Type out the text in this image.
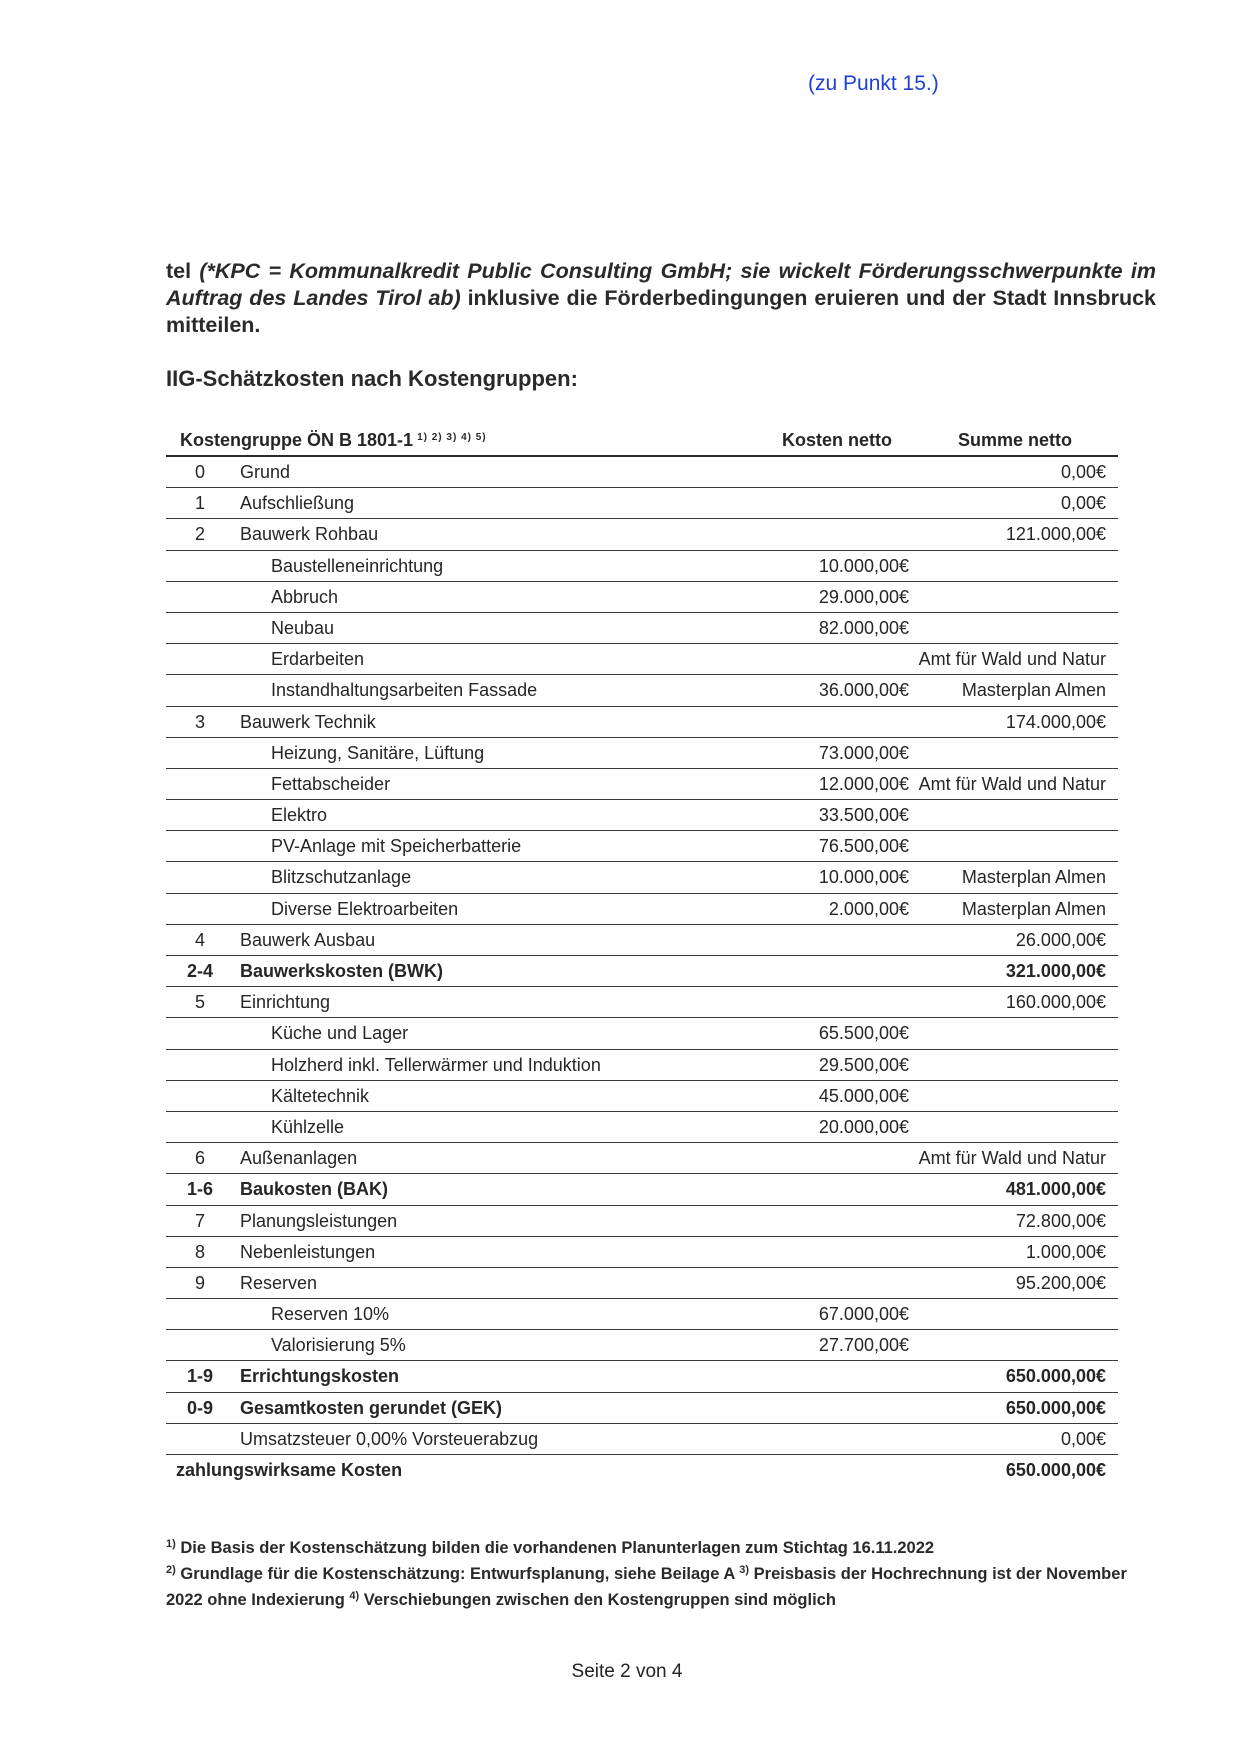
(zu Punkt 15.)
tel (*KPC = Kommunalkredit Public Consulting GmbH; sie wickelt Förderungsschwerpunkte im Auftrag des Landes Tirol ab) inklusive die Förderbedingungen eruieren und der Stadt Innsbruck mitteilen.
IIG-Schätzkosten nach Kostengruppen:
Kostengruppe ÖN B 1801-1 $^{1) 2) 3) 4) 5)}$	Kosten netto	Summe netto
0	Grund	0,00€
1	Aufschließung	0,00€
2	Bauwerk Rohbau	121.000,00€
Baustelleneinrichtung	10.000,00€
Abbruch	29.000,00€
Neubau	82.000,00€
Erdarbeiten	Amt für Wald und Natur
Instandhaltungsarbeiten Fassade	36.000,00€	Masterplan Almen
3	Bauwerk Technik	174.000,00€
Heizung, Sanitäre, Lüftung	73.000,00€
Fettabscheider	12.000,00€ Amt für Wald und Natur
Elektro	33.500,00€
PV-Anlage mit Speicherbatterie	76.500,00€
Blitzschutzanlage	10.000,00€	Masterplan Almen
Diverse Elektroarbeiten	2.000,00€	Masterplan Almen
4	Bauwerk Ausbau	26.000,00€
2-4	Bauwerkskosten (BWK)	321.000,00€
5	Einrichtung	160.000,00€
Küche und Lager	65.500,00€
Holzherd inkl. Tellerwärmer und Induktion	29.500,00€
Kältetechnik	45.000,00€
Kühlzelle	20.000,00€
6	Außenanlagen	Amt für Wald und Natur
1-6	Baukosten (BAK)	481.000,00€
7	Planungsleistungen	72.800,00€
8	Nebenleistungen	1.000,00€
9	Reserven	95.200,00€
Reserven 10%	67.000,00€
Valorisierung 5%	27.700,00€
1-9	Errichtungskosten	650.000,00€
0-9	Gesamtkosten gerundet (GEK)	650.000,00€
Umsatzsteuer 0,00% Vorsteuerabzug	0,00€
zahlungswirksame Kosten	650.000,00€
$^{1)}$ Die Basis der Kostenschätzung bilden die vorhandenen Planunterlagen zum Stichtag 16.11.2022
$^{2)}$ Grundlage für die Kostenschätzung: Entwurfsplanung, siehe Beilage A $^{3)}$ Preisbasis der Hochrechnung ist der November 2022 ohne Indexierung $^{4)}$ Verschiebungen zwischen den Kostengruppen sind möglich
Seite 2 von 4
